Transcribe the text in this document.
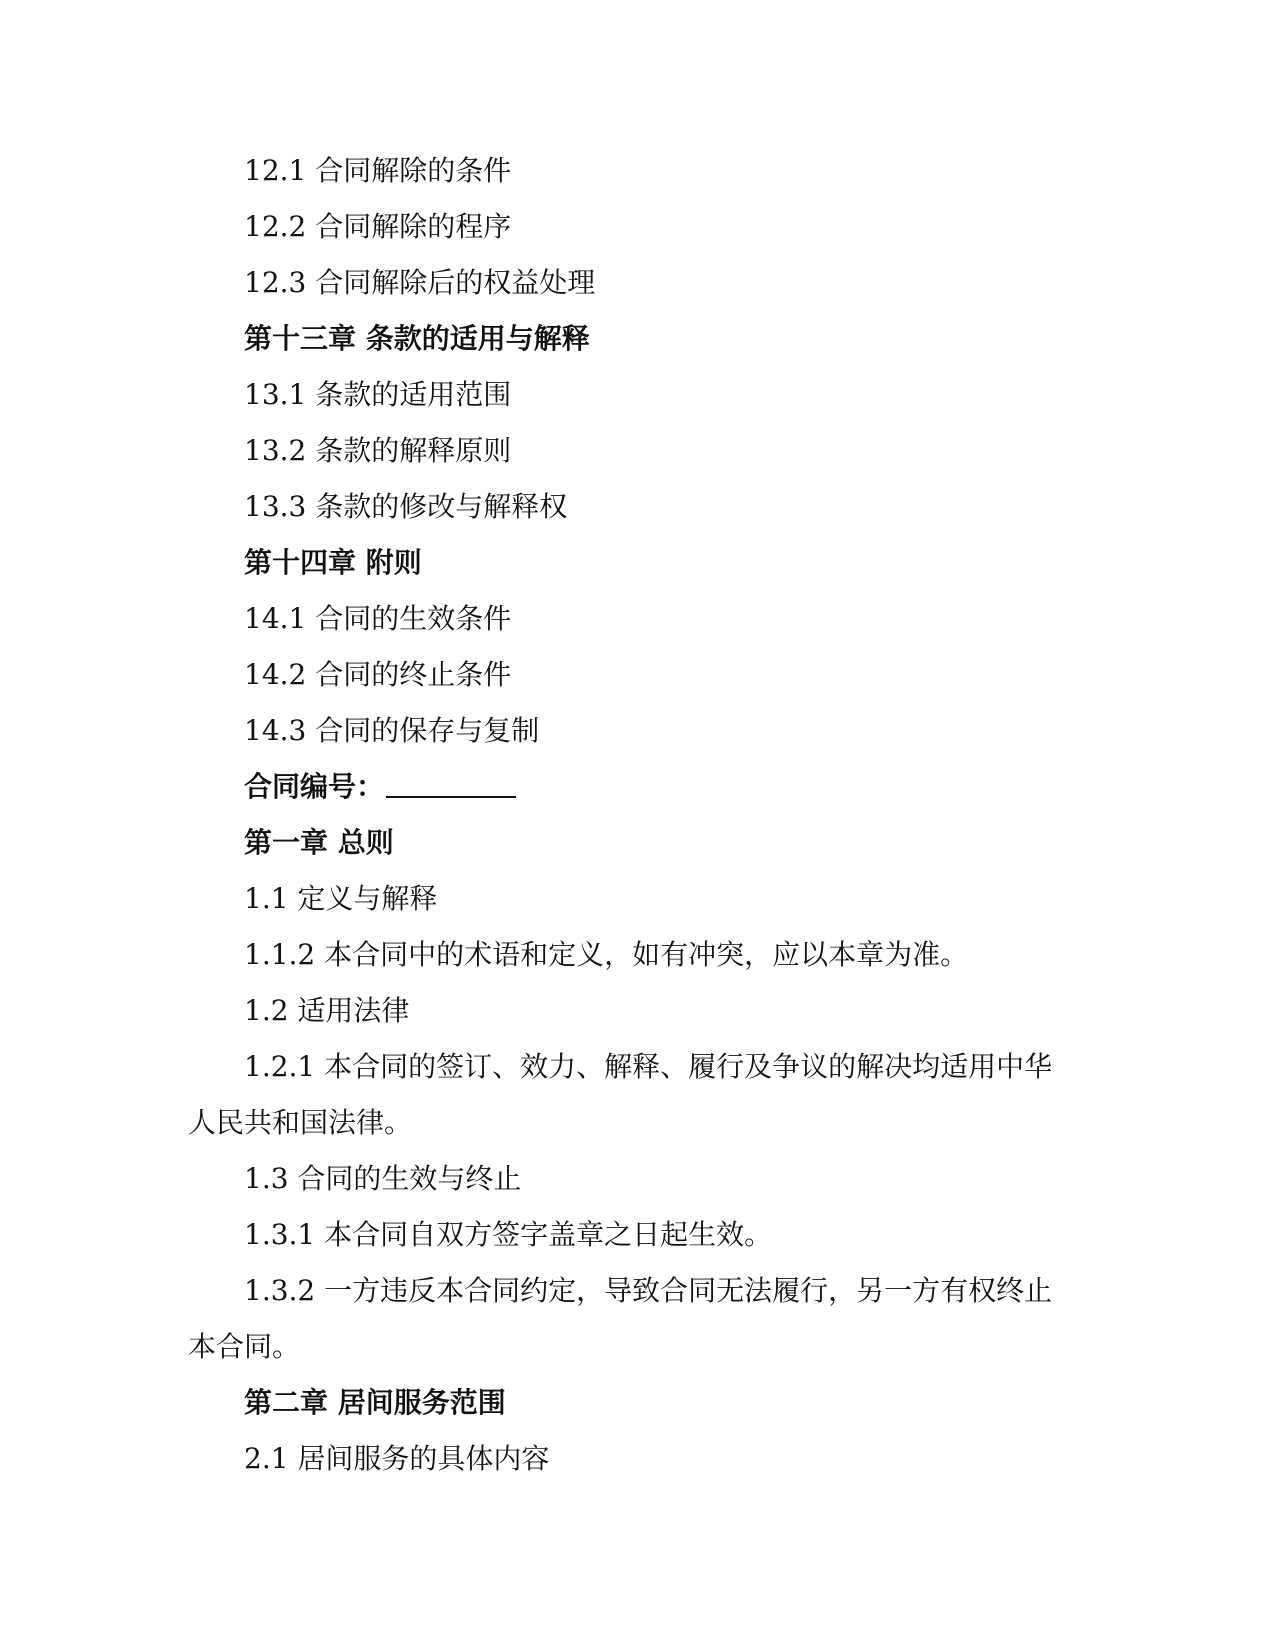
12.1 合同解除的条件
12.2 合同解除的程序
12.3 合同解除后的权益处理
第十三章 条款的适用与解释
13.1 条款的适用范围
13.2 条款的解释原则
13.3 条款的修改与解释权
第十四章 附则
14.1 合同的生效条件
14.2 合同的终止条件
14.3 合同的保存与复制
合同编号：
第一章 总则
1.1 定义与解释
1.1.2 本合同中的术语和定义，如有冲突，应以本章为准。
1.2 适用法律
1.2.1 本合同的签订、效力、解释、履行及争议的解决均适用中华人民共和国法律。
1.3 合同的生效与终止
1.3.1 本合同自双方签字盖章之日起生效。
1.3.2 一方违反本合同约定，导致合同无法履行，另一方有权终止本合同。
第二章 居间服务范围
2.1 居间服务的具体内容
